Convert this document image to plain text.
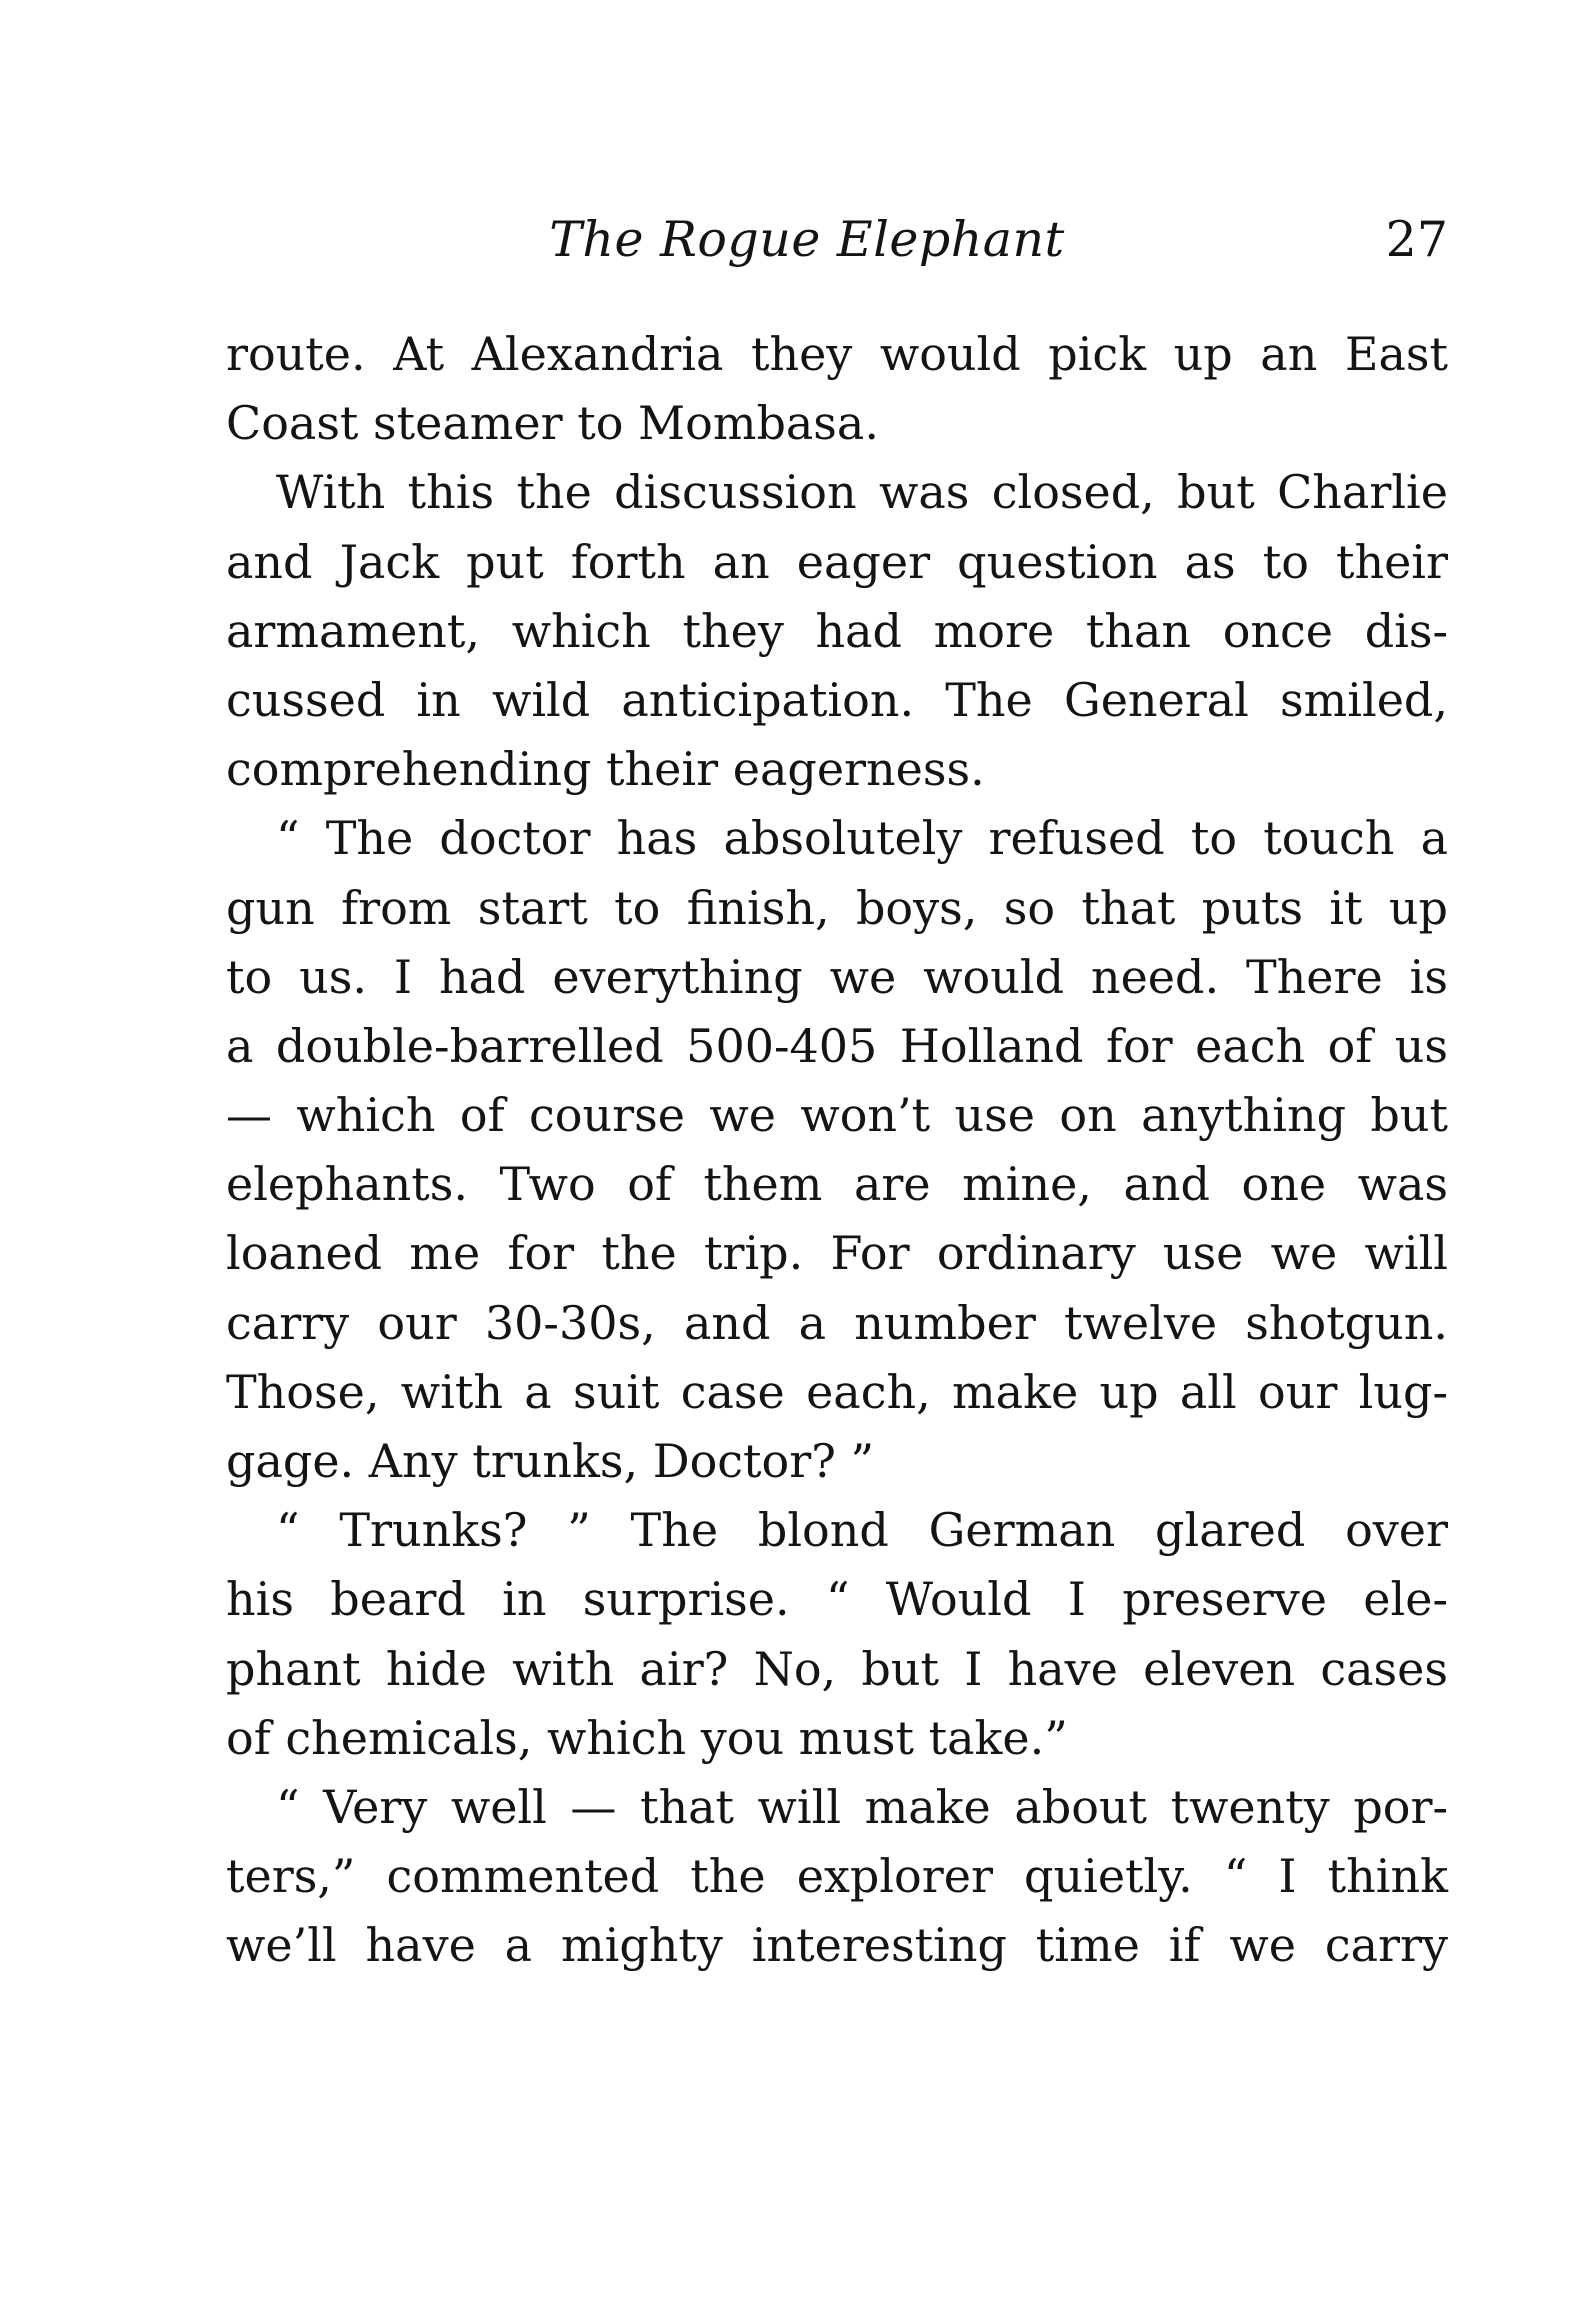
The Rogue Elephant	27
route. At Alexandria they would pick up an East
Coast steamer to Mombasa.
With this the discussion was closed, but Charlie
and Jack put forth an eager question as to their
armament, which they had more than once dis-
cussed in wild anticipation. The General smiled,
comprehending their eagerness.
“ The doctor has absolutely refused to touch a
gun from start to finish, boys, so that puts it up
to us. I had everything we would need. There is
a double-barrelled 500-405 Holland for each of us
— which of course we won’t use on anything but
elephants. Two of them are mine, and one was
loaned me for the trip. For ordinary use we will
carry our 30-30s, and a number twelve shotgun.
Those, with a suit case each, make up all our lug-
gage. Any trunks, Doctor? ”
“ Trunks? ” The blond German glared over
his beard in surprise. “ Would I preserve ele-
phant hide with air? No, but I have eleven cases
of chemicals, which you must take.”
“ Very well — that will make about twenty por-
ters,” commented the explorer quietly. “ I think
we’ll have a mighty interesting time if we carry
